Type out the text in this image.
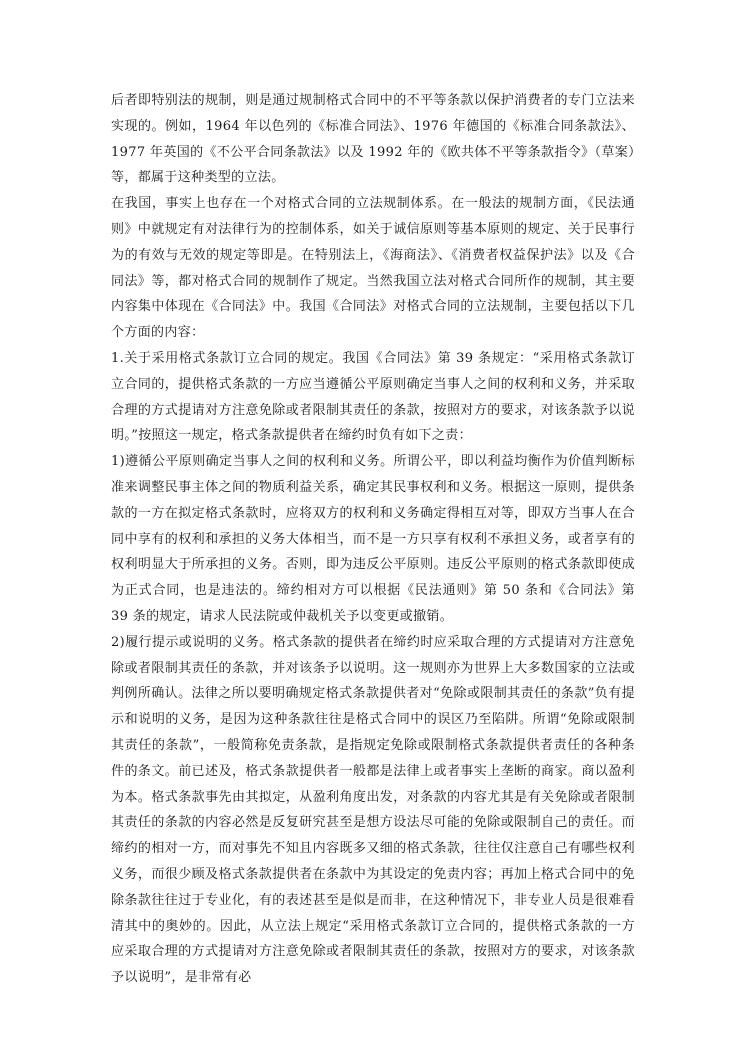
后者即特别法的规制，则是通过规制格式合同中的不平等条款以保护消费者的专门立法来实现的。例如，1964 年以色列的《标准合同法》、1976 年德国的《标准合同条款法》、1977 年英国的《不公平合同条款法》以及 1992 年的《欧共体不平等条款指令》（草案）等，都属于这种类型的立法。

在我国，事实上也存在一个对格式合同的立法规制体系。在一般法的规制方面，《民法通则》中就规定有对法律行为的控制体系，如关于诚信原则等基本原则的规定、关于民事行为的有效与无效的规定等即是。在特别法上，《海商法》、《消费者权益保护法》以及《合同法》等，都对格式合同的规制作了规定。当然我国立法对格式合同所作的规制，其主要内容集中体现在《合同法》中。我国《合同法》对格式合同的立法规制，主要包括以下几个方面的内容：

1.关于采用格式条款订立合同的规定。我国《合同法》第 39 条规定：“采用格式条款订立合同的，提供格式条款的一方应当遵循公平原则确定当事人之间的权利和义务，并采取合理的方式提请对方注意免除或者限制其责任的条款，按照对方的要求，对该条款予以说明。”按照这一规定，格式条款提供者在缔约时负有如下之责：

1)遵循公平原则确定当事人之间的权利和义务。所谓公平，即以利益均衡作为价值判断标准来调整民事主体之间的物质利益关系，确定其民事权利和义务。根据这一原则，提供条款的一方在拟定格式条款时，应将双方的权利和义务确定得相互对等，即双方当事人在合同中享有的权利和承担的义务大体相当，而不是一方只享有权利不承担义务，或者享有的权利明显大于所承担的义务。否则，即为违反公平原则。违反公平原则的格式条款即使成为正式合同，也是违法的。缔约相对方可以根据《民法通则》第 50 条和《合同法》第 39 条的规定，请求人民法院或仲裁机关予以变更或撤销。

2)履行提示或说明的义务。格式条款的提供者在缔约时应采取合理的方式提请对方注意免除或者限制其责任的条款，并对该条予以说明。这一规则亦为世界上大多数国家的立法或判例所确认。法律之所以要明确规定格式条款提供者对“免除或限制其责任的条款”负有提示和说明的义务，是因为这种条款往往是格式合同中的误区乃至陷阱。所谓“免除或限制其责任的条款”，一般简称免责条款，是指规定免除或限制格式条款提供者责任的各种条件的条文。前已述及，格式条款提供者一般都是法律上或者事实上垄断的商家。商以盈利为本。格式条款事先由其拟定，从盈利角度出发，对条款的内容尤其是有关免除或者限制其责任的条款的内容必然是反复研究甚至是想方设法尽可能的免除或限制自己的责任。而缔约的相对一方，而对事先不知且内容既多又细的格式条款，往往仅注意自己有哪些权利义务，而很少顾及格式条款提供者在条款中为其设定的免责内容；再加上格式合同中的免除条款往往过于专业化，有的表述甚至是似是而非，在这种情况下，非专业人员是很难看清其中的奥妙的。因此，从立法上规定“采用格式条款订立合同的，提供格式条款的一方应采取合理的方式提请对方注意免除或者限制其责任的条款，按照对方的要求，对该条款予以说明”，是非常有必
